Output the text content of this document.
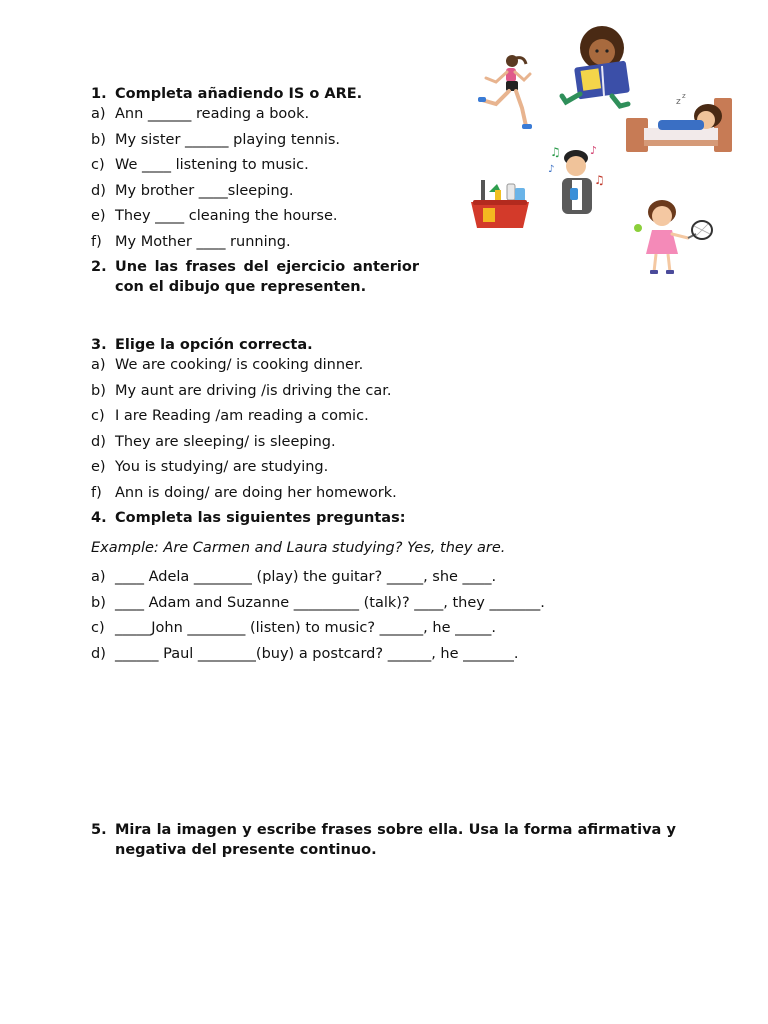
1. Completa añadiendo IS o ARE.
a) Ann ______ reading a book.
b) My sister ______ playing tennis.
c) We ____ listening to music.
d) My brother ____sleeping.
e) They ____ cleaning the hourse.
f) My Mother ____ running.
2. Une las frases del ejercicio anterior con el dibujo que representen.
3. Elige la opción correcta.
a) We are cooking/ is cooking dinner.
b) My aunt are driving /is driving the car.
c) I are Reading /am reading a comic.
d) They are sleeping/ is sleeping.
e) You is studying/ are studying.
f) Ann is doing/ are doing her homework.
4. Completa las siguientes preguntas:
Example: Are Carmen and Laura studying? Yes, they are.
a) ____ Adela ________ (play) the guitar? _____, she ____.
b) ____ Adam and Suzanne _________ (talk)? ____, they _______.
c) _____John ________ (listen) to music? ______, he _____.
d) ______ Paul ________(buy) a postcard? ______, he _______.
5. Mira la imagen y escribe frases sobre ella. Usa la forma afirmativa y negativa del presente continuo.
z
z
♫
♪
♪
♫
